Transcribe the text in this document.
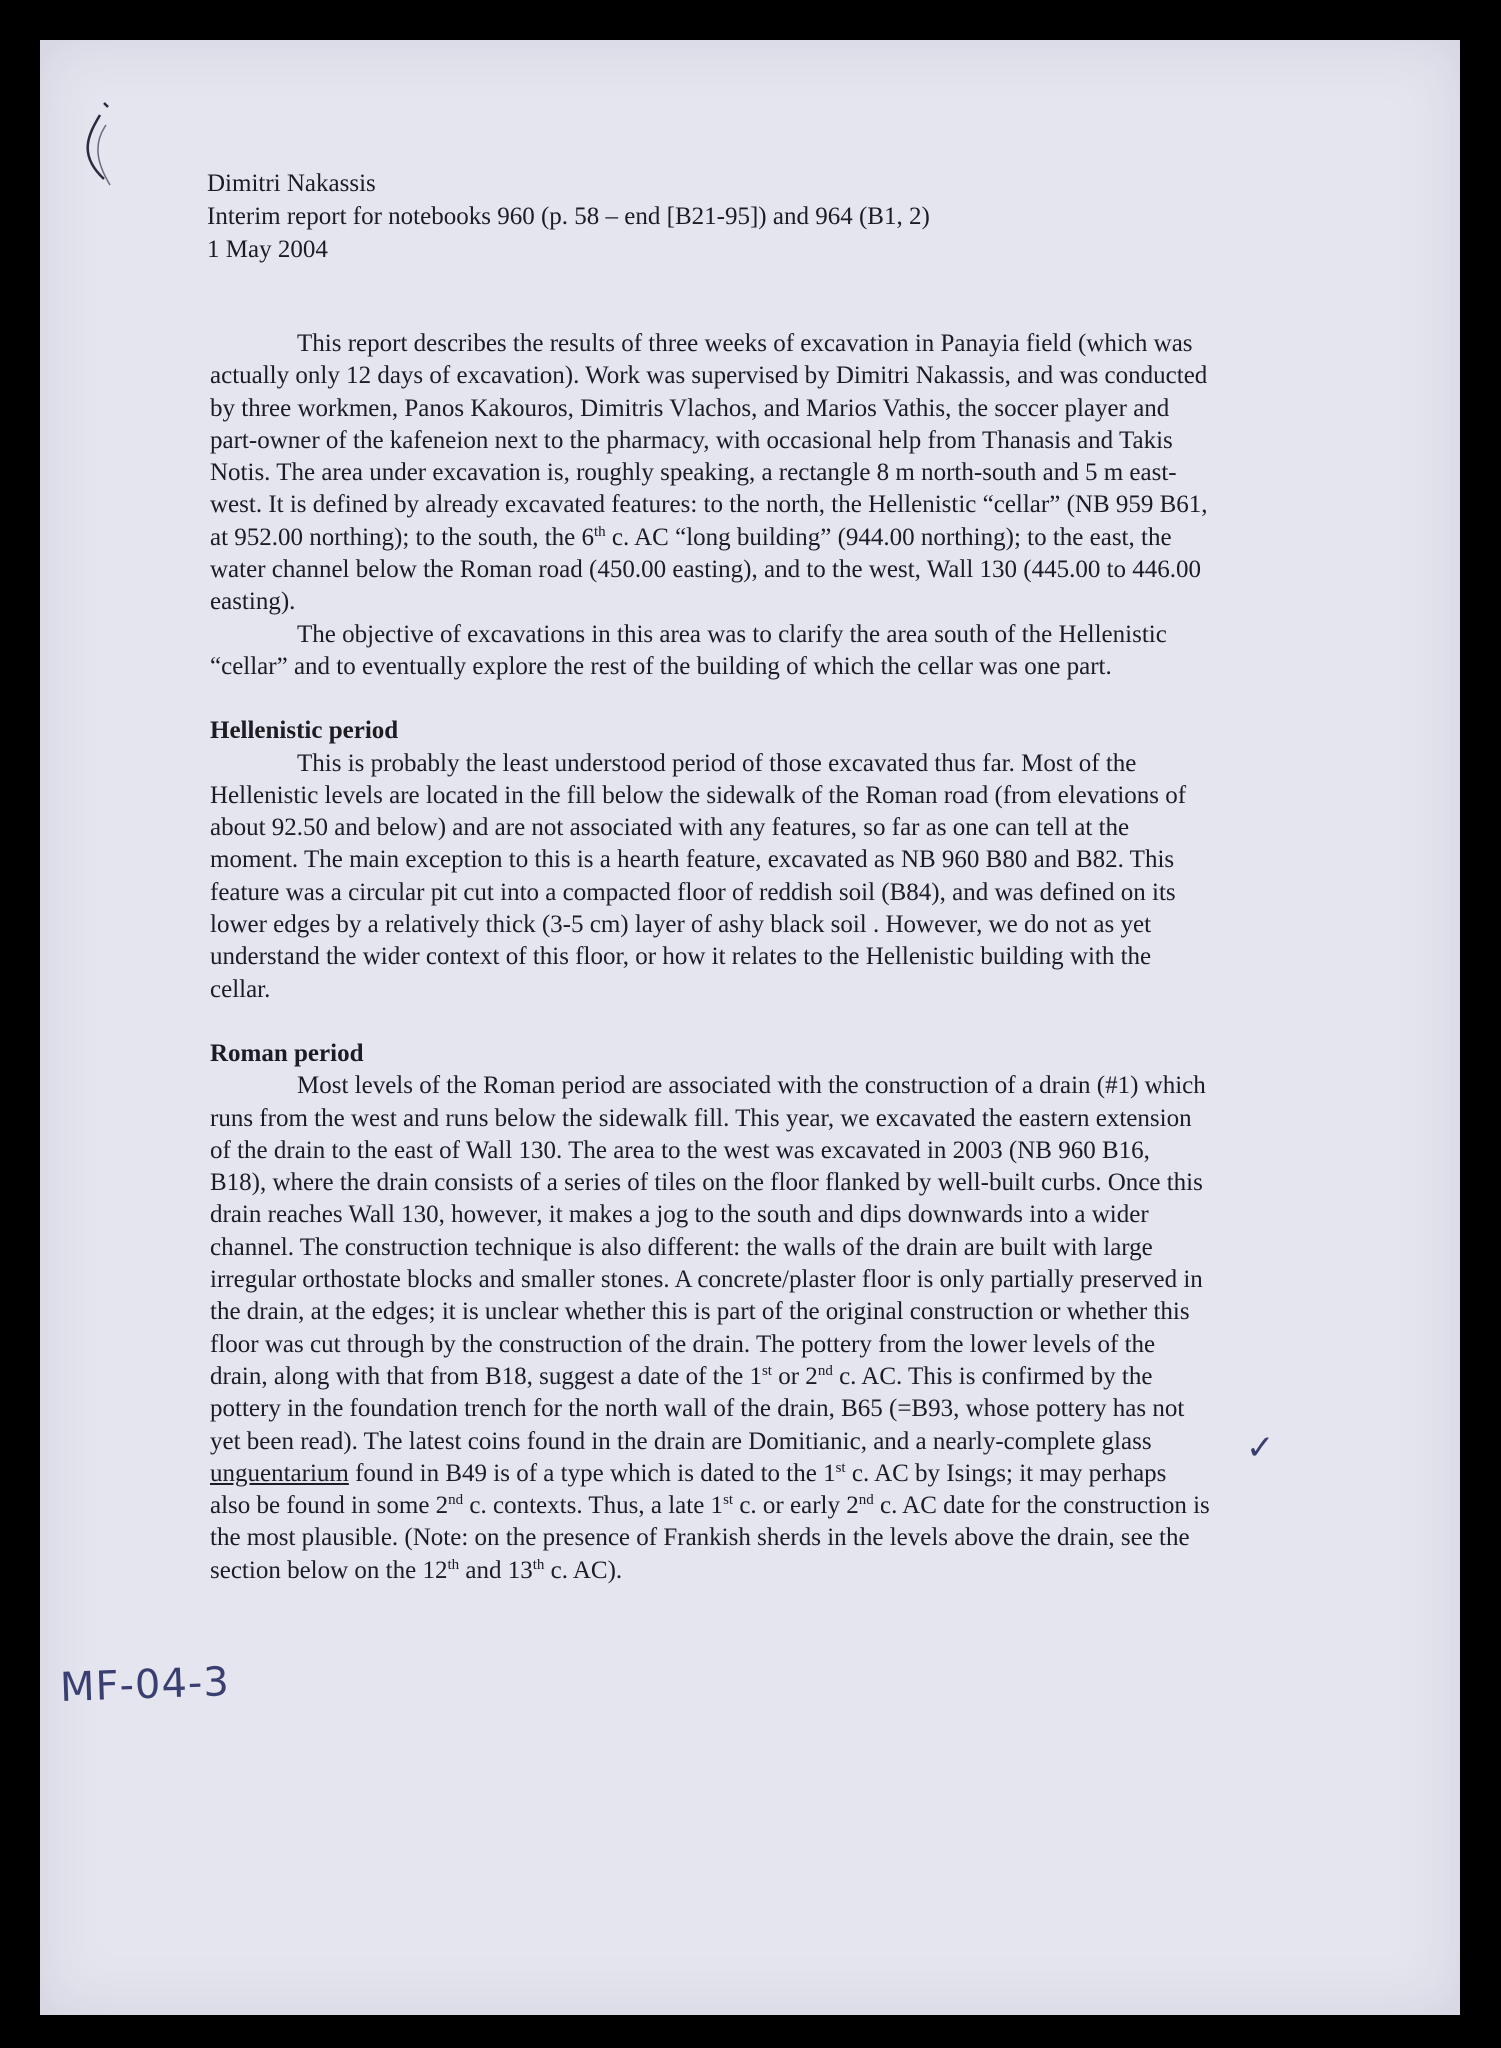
Dimitri Nakassis
Interim report for notebooks 960 (p. 58 – end [B21-95]) and 964 (B1, 2)
1 May 2004

This report describes the results of three weeks of excavation in Panayia field (which was actually only 12 days of excavation). Work was supervised by Dimitri Nakassis, and was conducted by three workmen, Panos Kakouros, Dimitris Vlachos, and Marios Vathis, the soccer player and part-owner of the kafeneion next to the pharmacy, with occasional help from Thanasis and Takis Notis. The area under excavation is, roughly speaking, a rectangle 8 m north-south and 5 m east-west. It is defined by already excavated features: to the north, the Hellenistic “cellar” (NB 959 B61, at 952.00 northing); to the south, the 6th c. AC “long building” (944.00 northing); to the east, the water channel below the Roman road (450.00 easting), and to the west, Wall 130 (445.00 to 446.00 easting).

The objective of excavations in this area was to clarify the area south of the Hellenistic “cellar” and to eventually explore the rest of the building of which the cellar was one part.

Hellenistic period

This is probably the least understood period of those excavated thus far. Most of the Hellenistic levels are located in the fill below the sidewalk of the Roman road (from elevations of about 92.50 and below) and are not associated with any features, so far as one can tell at the moment. The main exception to this is a hearth feature, excavated as NB 960 B80 and B82. This feature was a circular pit cut into a compacted floor of reddish soil (B84), and was defined on its lower edges by a relatively thick (3-5 cm) layer of ashy black soil . However, we do not as yet understand the wider context of this floor, or how it relates to the Hellenistic building with the cellar.

Roman period

Most levels of the Roman period are associated with the construction of a drain (#1) which runs from the west and runs below the sidewalk fill. This year, we excavated the eastern extension of the drain to the east of Wall 130. The area to the west was excavated in 2003 (NB 960 B16, B18), where the drain consists of a series of tiles on the floor flanked by well-built curbs. Once this drain reaches Wall 130, however, it makes a jog to the south and dips downwards into a wider channel. The construction technique is also different: the walls of the drain are built with large irregular orthostate blocks and smaller stones. A concrete/plaster floor is only partially preserved in the drain, at the edges; it is unclear whether this is part of the original construction or whether this floor was cut through by the construction of the drain. The pottery from the lower levels of the drain, along with that from B18, suggest a date of the 1st or 2nd c. AC. This is confirmed by the pottery in the foundation trench for the north wall of the drain, B65 (=B93, whose pottery has not yet been read). The latest coins found in the drain are Domitianic, and a nearly-complete glass unguentarium found in B49 is of a type which is dated to the 1st c. AC by Isings; it may perhaps also be found in some 2nd c. contexts. Thus, a late 1st c. or early 2nd c. AC date for the construction is the most plausible. (Note: on the presence of Frankish sherds in the levels above the drain, see the section below on the 12th and 13th c. AC).

MF-04-3
✓
